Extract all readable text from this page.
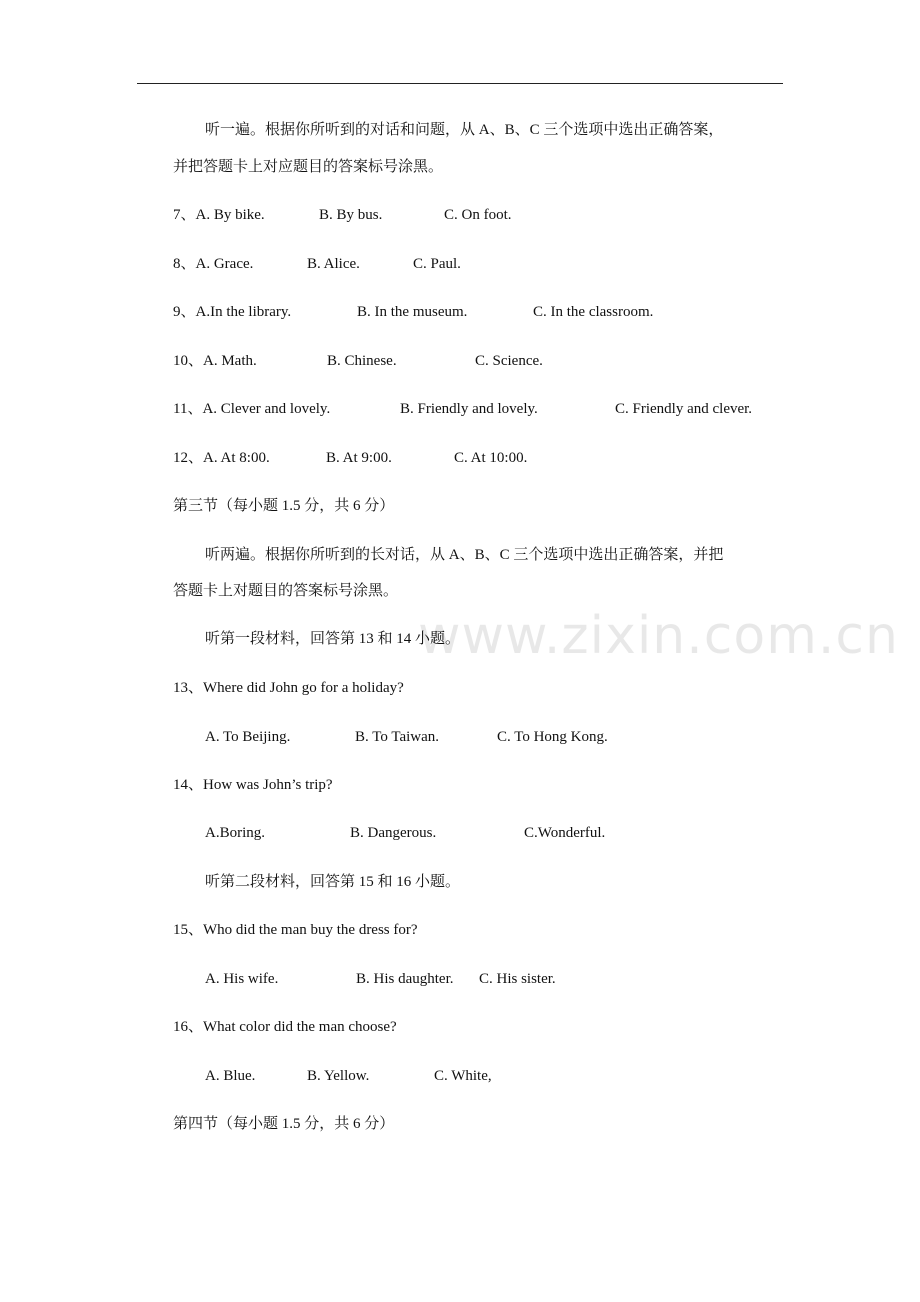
www.zixin.com.cn
听一遍。根据你所听到的对话和问题，从 A、B、C 三个选项中选出正确答案，
并把答题卡上对应题目的答案标号涂黑。
7、A. By bike.	B. By bus.	C. On foot.
8、A. Grace.	B. Alice.	C. Paul.
9、A.In the library.	B. In the museum.	C. In the classroom.
10、A. Math.	B. Chinese.	C. Science.
11、A. Clever and lovely.	B. Friendly and lovely.	C. Friendly and clever.
12、A. At 8:00.	B. At 9:00.	C. At 10:00.
第三节（每小题 1.5 分，共 6 分）
听两遍。根据你所听到的长对话，从 A、B、C 三个选项中选出正确答案，并把
答题卡上对题目的答案标号涂黑。
听第一段材料，回答第 13 和 14 小题。
13、Where did John go for a holiday?
A. To Beijing.	B. To Taiwan.	C. To Hong Kong.
14、How was John’s trip?
A.Boring.	B. Dangerous.	C.Wonderful.
听第二段材料，回答第 15 和 16 小题。
15、Who did the man buy the dress for?
A. His wife.	B. His daughter. C. His sister.
16、What color did the man choose?
A. Blue.	B. Yellow.	C. White,
第四节（每小题 1.5 分，共 6 分）
